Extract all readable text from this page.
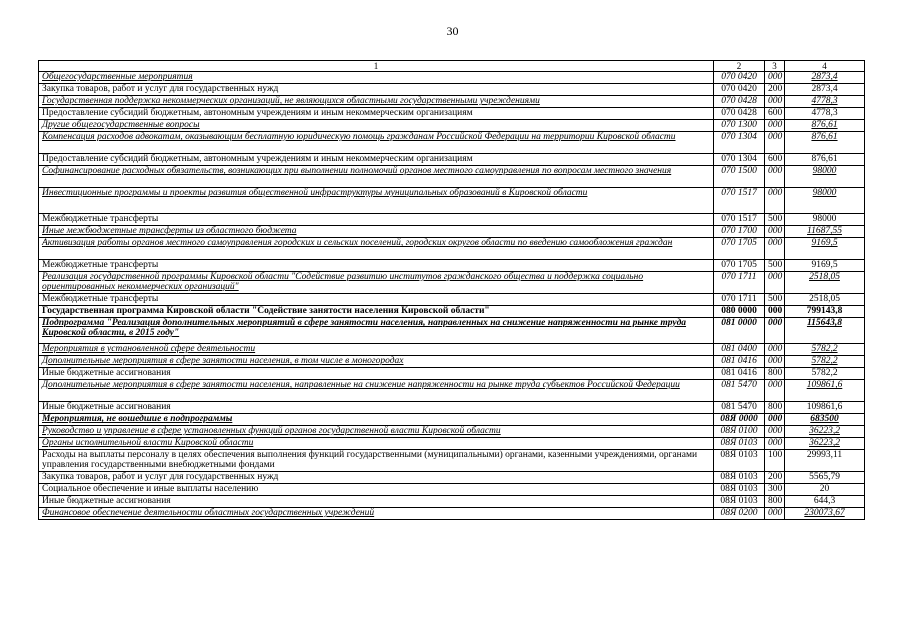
30
1	2	3	4
Общегосударственные мероприятия	070 0420	000	2873,4
Закупка товаров, работ и услуг для государственных нужд	070 0420	200	2873,4
Государственная поддержка некоммерческих организаций, не являющихся областными государственными учреждениями	070 0428	000	4778,3
Предоставление субсидий бюджетным, автономным учреждениям и иным некоммерческим организациям	070 0428	600	4778,3
Другие общегосударственные вопросы	070 1300	000	876,61
Компенсация расходов адвокатам, оказывающим бесплатную юридическую помощь гражданам Российской Федерации на территории Кировской области	070 1304	000	876,61
Предоставление субсидий бюджетным, автономным учреждениям и иным некоммерческим организациям	070 1304	600	876,61
Софинансирование расходных обязательств, возникающих при выполнении полномочий органов местного самоуправления по вопросам местного значения	070 1500	000	98000
Инвестиционные программы и проекты развития общественной инфраструктуры муниципальных образований в Кировской области	070 1517	000	98000
Межбюджетные трансферты	070 1517	500	98000
Иные межбюджетные трансферты из областного бюджета	070 1700	000	11687,55
Активизация работы органов местного самоуправления городских и сельских поселений, городских округов области по введению самообложения граждан	070 1705	000	9169,5
Межбюджетные трансферты	070 1705	500	9169,5
Реализация государственной программы Кировской области "Содействие развитию институтов гражданского общества и поддержка социально ориентированных некоммерческих организаций"	070 1711	000	2518,05
Межбюджетные трансферты	070 1711	500	2518,05
Государственная программа Кировской области "Содействие занятости населения Кировской области"	080 0000	000	799143,8
Подпрограмма "Реализация дополнительных мероприятий в сфере занятости населения, направленных на снижение напряженности на рынке труда Кировской области, в 2015 году"	081 0000	000	115643,8
Мероприятия в установленной сфере деятельности	081 0400	000	5782,2
Дополнительные мероприятия в сфере занятости населения, в том числе в моногородах	081 0416	000	5782,2
Иные бюджетные ассигнования	081 0416	800	5782,2
Дополнительные мероприятия в сфере занятости населения, направленные на снижение напряженности на рынке труда субъектов Российской Федерации	081 5470	000	109861,6
Иные бюджетные ассигнования	081 5470	800	109861,6
Мероприятия, не вошедшие в подпрограммы	08Я 0000	000	683500
Руководство и управление в сфере установленных функций органов государственной власти Кировской области	08Я 0100	000	36223,2
Органы исполнительной власти Кировской области	08Я 0103	000	36223,2
Расходы на выплаты персоналу в целях обеспечения выполнения функций государственными (муниципальными) органами, казенными учреждениями, органами управления государственными внебюджетными фондами	08Я 0103	100	29993,11
Закупка товаров, работ и услуг для государственных нужд	08Я 0103	200	5565,79
Социальное обеспечение и иные выплаты населению	08Я 0103	300	20
Иные бюджетные ассигнования	08Я 0103	800	644,3
Финансовое обеспечение деятельности областных государственных учреждений	08Я 0200	000	230073,67
